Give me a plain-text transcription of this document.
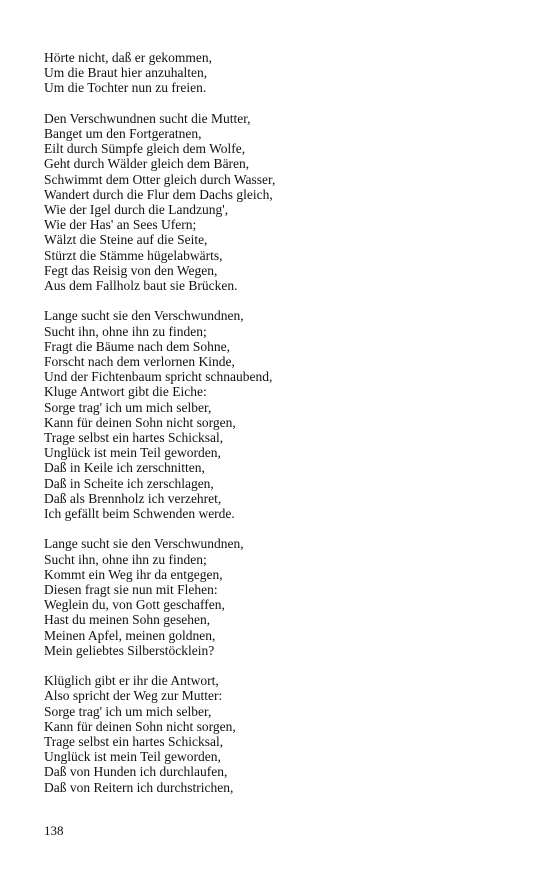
Hörte nicht, daß er gekommen,
Um die Braut hier anzuhalten,
Um die Tochter nun zu freien.
Den Verschwundnen sucht die Mutter,
Banget um den Fortgeratnen,
Eilt durch Sümpfe gleich dem Wolfe,
Geht durch Wälder gleich dem Bären,
Schwimmt dem Otter gleich durch Wasser,
Wandert durch die Flur dem Dachs gleich,
Wie der Igel durch die Landzung',
Wie der Has' an Sees Ufern;
Wälzt die Steine auf die Seite,
Stürzt die Stämme hügelabwärts,
Fegt das Reisig von den Wegen,
Aus dem Fallholz baut sie Brücken.
Lange sucht sie den Verschwundnen,
Sucht ihn, ohne ihn zu finden;
Fragt die Bäume nach dem Sohne,
Forscht nach dem verlornen Kinde,
Und der Fichtenbaum spricht schnaubend,
Kluge Antwort gibt die Eiche:
Sorge trag' ich um mich selber,
Kann für deinen Sohn nicht sorgen,
Trage selbst ein hartes Schicksal,
Unglück ist mein Teil geworden,
Daß in Keile ich zerschnitten,
Daß in Scheite ich zerschlagen,
Daß als Brennholz ich verzehret,
Ich gefällt beim Schwenden werde.
Lange sucht sie den Verschwundnen,
Sucht ihn, ohne ihn zu finden;
Kommt ein Weg ihr da entgegen,
Diesen fragt sie nun mit Flehen:
Weglein du, von Gott geschaffen,
Hast du meinen Sohn gesehen,
Meinen Apfel, meinen goldnen,
Mein geliebtes Silberstöcklein?
Klüglich gibt er ihr die Antwort,
Also spricht der Weg zur Mutter:
Sorge trag' ich um mich selber,
Kann für deinen Sohn nicht sorgen,
Trage selbst ein hartes Schicksal,
Unglück ist mein Teil geworden,
Daß von Hunden ich durchlaufen,
Daß von Reitern ich durchstrichen,
138
